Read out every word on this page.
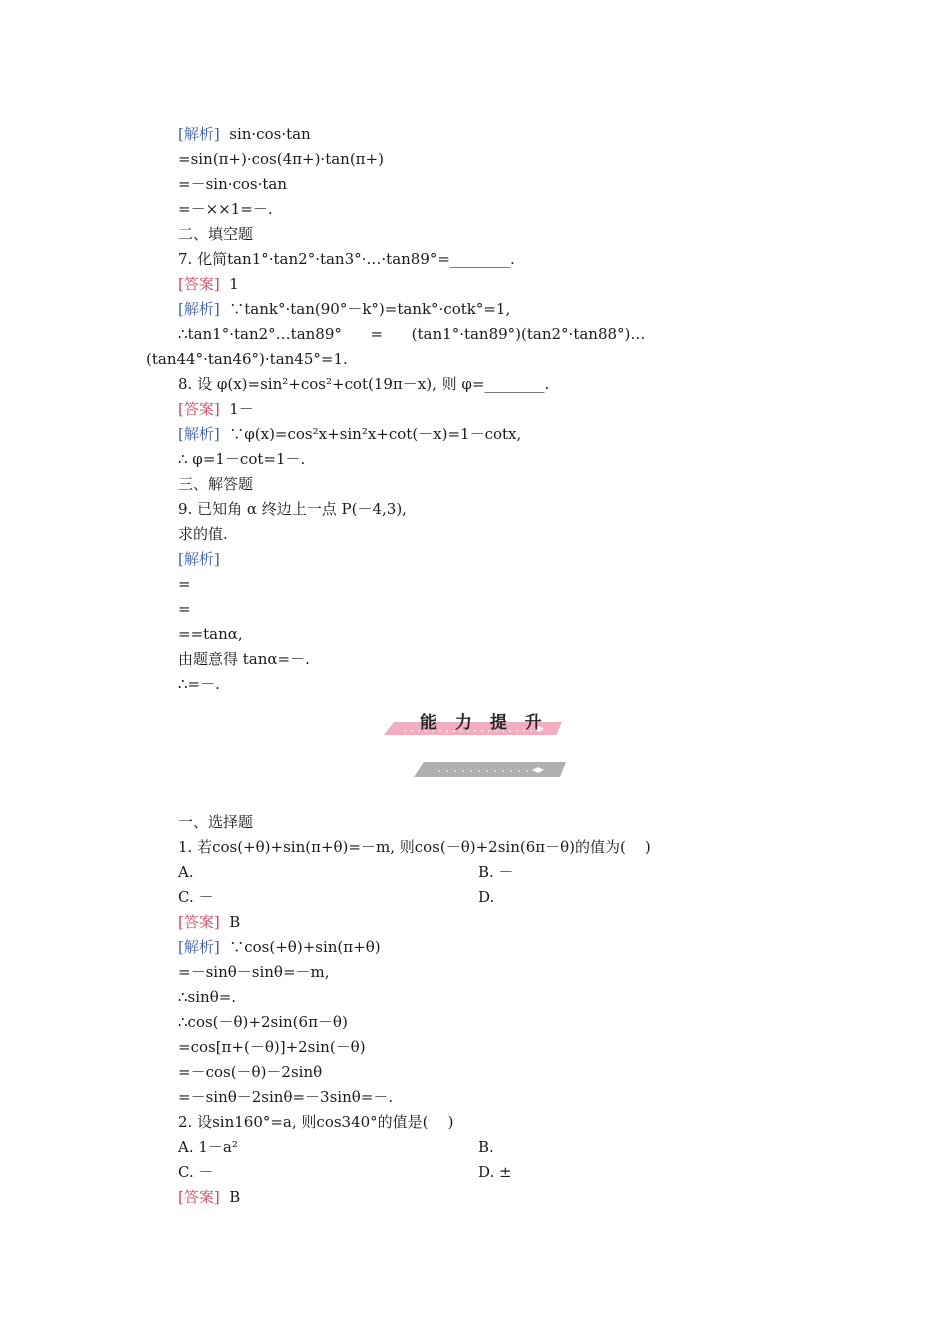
[解析]  sin·cos·tan
=sin(π+)·cos(4π+)·tan(π+)
=－sin·cos·tan
=－××1=－.
二、填空题
7. 化简tan1°·tan2°·tan3°·…·tan89°=________.
[答案]  1
[解析]  ∵tank°·tan(90°－k°)=tank°·cotk°=1,
∴tan1°·tan2°…tan89°      =      (tan1°·tan89°)(tan2°·tan88°)…
(tan44°·tan46°)·tan45°=1.
8. 设 φ(x)=sin²+cos²+cot(19π－x), 则 φ=________.
[答案]  1－
[解析]  ∵φ(x)=cos²x+sin²x+cot(－x)=1－cotx,
∴ φ=1－cot=1－.
三、解答题
9. 已知角 α 终边上一点 P(－4,3),
求的值.
[解析]
=
=
==tanα,
由题意得 tanα=－.
∴=－.
一、选择题
1. 若cos(+θ)+sin(π+θ)=－m, 则cos(－θ)+2sin(6π－θ)的值为(    )
A.	B. －
C. －	D.
[答案]  B
[解析]  ∵cos(+θ)+sin(π+θ)
=－sinθ－sinθ=－m,
∴sinθ=.
∴cos(－θ)+2sin(6π－θ)
=cos[π+(－θ)]+2sin(－θ)
=－cos(－θ)－2sinθ
=－sinθ－2sinθ=－3sinθ=－.
2. 设sin160°=a, 则cos340°的值是(    )
A. 1－a²	B.
C. －	D. ±
[答案]  B
能 力 提 升
